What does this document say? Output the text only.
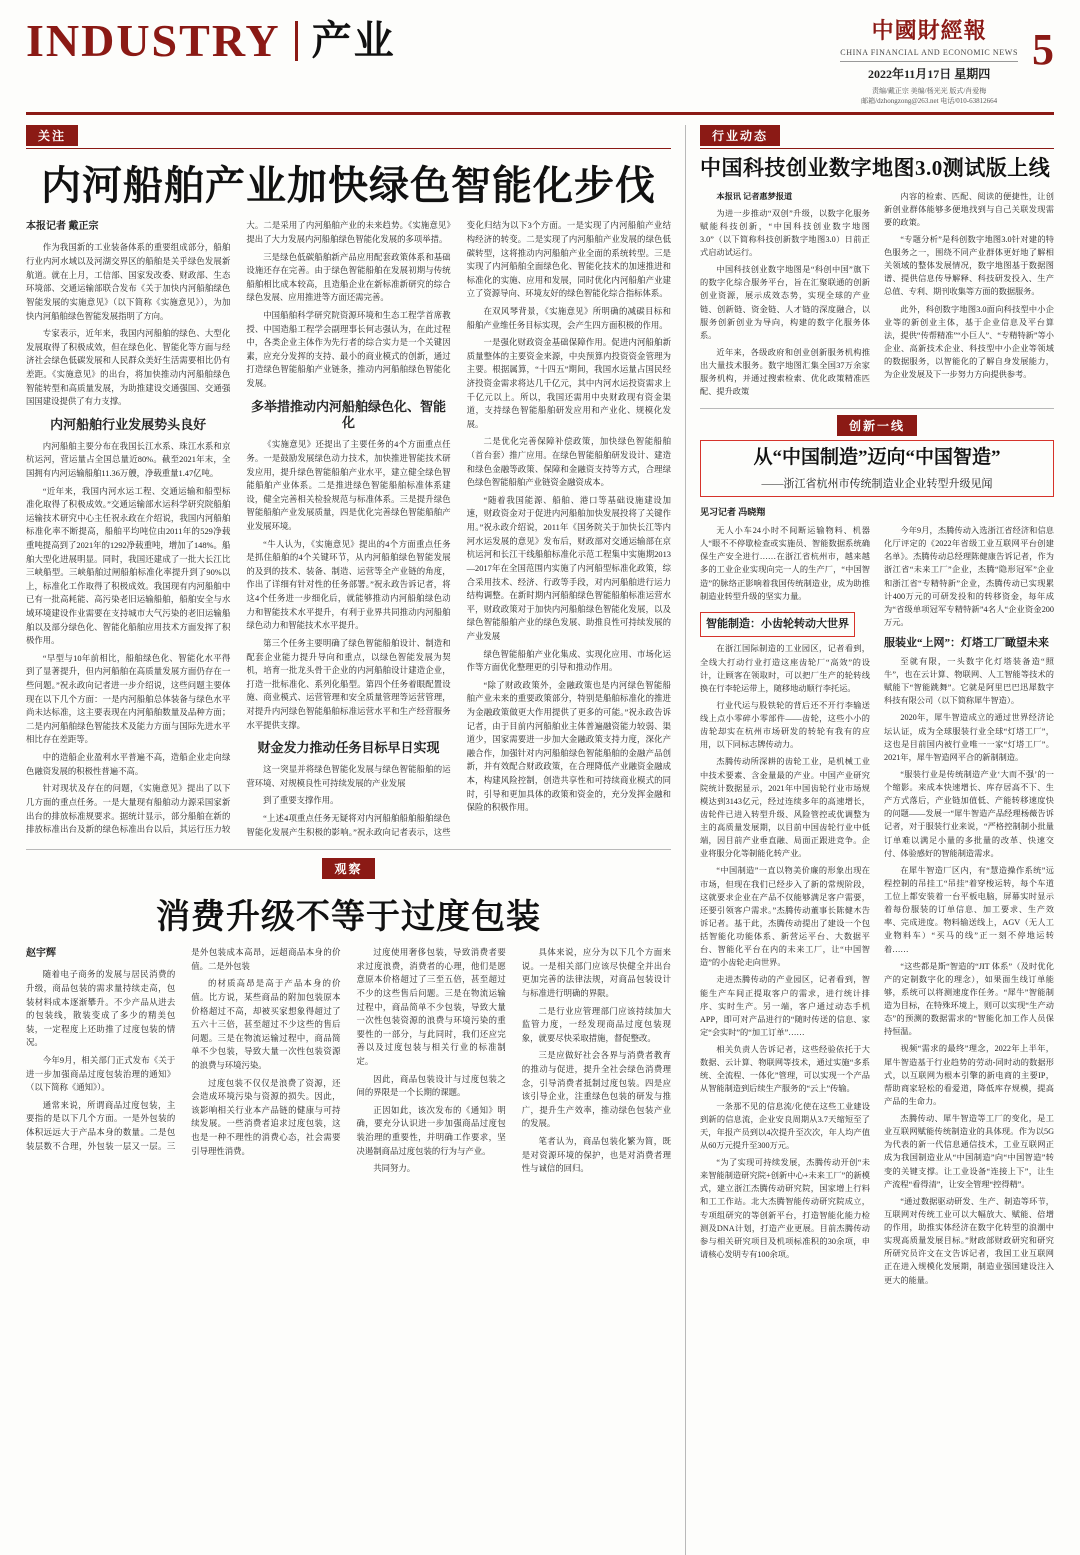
INDUSTRY 产业	中國財經報
CHINA FINANCIAL AND ECONOMIC NEWS
2022年11月17日 星期四
责编/戴正宗 美编/杨光光 版式/肖爱梅
邮箱/dzhongzong@263.net 电话/010-63812664
5
关注
内河船舶产业加快绿色智能化步伐
本报记者 戴正宗

作为我国新的工业装备体系的重要组成部分，船舶行业内河水域以及河湖交界区的船舶是关乎绿色发展新航道。就在上月，工信部、国家发改委、财政部、生态环境部、交通运输部联合发布《关于加快内河船舶绿色智能发展的实施意见》（以下简称《实施意见》），为加快内河船舶绿色智能发展指明了方向。

专家表示，近年来，我国内河船舶的绿色、大型化发展取得了积极成效，但在绿色化、智能化等方面与经济社会绿色低碳发展和人民群众美好生活需要相比仍有差距。《实施意见》的出台，将加快推动内河船舶绿色智能转型和高质量发展，为助推建设交通强国、交通强国国建设提供了有力支撑。

内河船舶行业发展势头良好

内河船舶主要分布在我国长江水系、珠江水系和京杭运河，营运量占全国总量近80%。截至2021年末，全国拥有内河运输船舶11.36万艘，净载重量1.47亿吨。

“近年来，我国内河水运工程、交通运输和船型标准化取得了积极成效。”交通运输部水运科学研究院船舶运输技术研究中心主任祝永政在介绍说，我国内河船舶标准化率不断提高，船舶平均吨位由2011年的529净载重吨提高到了2021年的1292净载重吨，增加了148%。船舶大型化进展明显。同时，我国还建成了一批大长江比三峡船型。三峡船舶过闸船舶标准化率提升到了90%以上，标准化工作取得了积极成效。我国现有内河船舶中已有一批高耗能、高污染老旧运输船舶，船舶安全与水域环境建设作业需要在支持城市大气污染的老旧运输船舶以及部分绿色化、智能化船舶应用技术方面发挥了积极作用。

“早型与10年前相比，船舶绿色化、智能化水平得到了显著提升，但内河船舶在高质量发展方面仍存在一些问题。”祝永政向记者进一步介绍说，这些问题主要体现在以下几个方面：一是内河船舶总体装备与绿色水平尚未达标准，这主要表现在内河船舶数量及品种方面；二是内河船舶绿色智能技术及能力方面与国际先进水平相比存在差距等。

中的造船企业盈利水平普遍不高，造船企业走向绿色融资发展的积极性普遍不高。

针对现状及存在的问题，《实施意见》提出了以下几方面的重点任务。一是大量现有船舶动力源采国家新出台的排放标准规要求。据统计显示，部分船舶在新的排放标准出台及新的绿色标准出台以后，其运行压力较大。二是采用了内河船舶产业的未来趋势。《实施意见》提出了大力发展内河船舶绿色智能化发展的多项举措。

三是绿色低碳船舶新产品应用配套政策体系和基础设施还存在完善。由于绿色智能船舶在发展初期与传统船舶相比成本较高，且造船企业在新标准新研究的综合绿色发展、应用推进等方面还需完善。

中国船舶科学研究院资源环境和生态工程学首席教授、中国造船工程学会副理事长何志强认为，在此过程中，各类企业主体作为先行者的综合实力是一个关键因素，应充分发挥的支持、最小的商业模式的创新，通过打造绿色智能船舶产业链条，推动内河船舶绿色智能化发展。

多举措推动内河船舶绿色化、智能化

《实施意见》还提出了主要任务的4个方面重点任务。一是鼓励发展绿色动力技术，加快推进智能技术研发应用，提升绿色智能船舶产业水平，建立健全绿色智能船舶产业体系。二是推进绿色智能船舶标准体系建设，健全完善相关检验规范与标准体系。三是提升绿色智能船舶产业发展质量，四是优化完善绿色智能船舶产业发展环境。

“牛人认为，《实施意见》提出的4个方面重点任务是抓住船舶的4个关键环节，从内河船舶绿色智能发展的及到的技术、装备、制造、运营等全产业链的角度，作出了详细有针对性的任务部署。”祝永政告诉记者，将这4个任务进一步细化后，就能够推动内河船舶绿色动力和智能技术水平提升，有利于业界共同推动内河船舶绿色动力和智能技术水平提升。

第三个任务主要明确了绿色智能船舶设计、制造和配套企业能力提升导向和重点，以绿色智能发展为契机，培育一批龙头骨干企业的内河船舶设计建造企业，打造一批标准化、系列化船型。第四个任务着眼配置设施、商业模式、运营管理和安全质量管理等运营管理，对提升内河绿色智能船舶标准运营水平和生产经营服务水平提供支撑。

财金发力推动任务目标早日实现

这一突显并将绿色智能化发展与绿色智能船舶的运营环境、对规模良性可持续发展的产业发展

到了重要支撑作用。

“上述4项重点任务无疑将对内河船舶船舶船舶绿色智能化发展产生积极的影响。”祝永政向记者表示，这些变化归结为以下3个方面。一是实现了内河船舶产业结构经济的转变。二是实现了内河船舶产业发展的绿色低碳转型，这将推动内河船舶产业全面的系统转型。三是实现了内河船舶全面绿色化、智能化技术的加速推进和标准化的实施、应用和发展，同时优化内河船舶产业建立了资源导向、环境友好的绿色智能化综合指标体系。

在双风琴背景，《实施意见》所明确的减碳目标和船舶产业维任务目标实现，会产生四方面积极的作用。

一是强化财政资金基础保障作用。促进内河船舶新质量整体的主要资金来源，中央预算内投资资金管理为主要。根据属算，“十四五”期间，我国水运量占国民经济投资金需求将达几千亿元，其中内河水运投资需求上千亿元以上。所以，我国还需用中央财政现有资金渠道，支持绿色智能船舶研发应用和产业化、规模化发展。

二是优化完善保障补偿政策，加快绿色智能船舶（首台套）推广应用。在绿色智能船舶研发设计、建造和绿色金融等政策、保障和金融资支持等方式，合理绿色绿色智能船舶产业链资金融资成本。

“随着我国能源、船舶、港口等基础设施建设加速，财政资金对于促进内河船舶加快发展投将了关键作用。”祝永政介绍说，2011年《国务院关于加快长江等内河水运发展的意见》发布后，财政部对交通运输部在京杭运河和长江干线船舶标准化示范工程集中实施期2013—2017年在全国范围内实施了内河船型标准化政策，综合采用技术、经济、行政等手段，对内河船舶进行运力结构调整。在新时期内河船舶绿色智能船舶标准运营水平，财政政策对于加快内河船舶绿色智能化发展，以及绿色智能船舶产业的绿色发展、助推良性可持续发展的产业发展

绿色智能船舶产业化集成、实现化应用、市场化运作等方面优化整理更的引导和推动作用。

“除了财政政策外，金融政策也是内河绿色智能船舶产业未来的重要政策部分，特别是船舶标准化的推进为金融政策做更大作用提供了更多的可能。”祝永政告诉记者，由于目前内河船舶业主体普遍融资能力较弱、渠道少，国家需要进一步加大金融政策支持力度，深化产融合作，加强针对内河船舶绿色智能船舶的金融产品创新，并有效配合财政政策，在合理降低产业融资金融成本，构建风险控制，创造共享性和可持续商业模式的同时，引导和更加具体的政策和资金的，充分发挥金融和保险的积极作用。

观察
消费升级不等于过度包装
赵宇辉

随着电子商务的发展与居民消费的升级，商品包装的需求量持续走高，包装材料成本逐渐攀升。不少产品从进去的包装线，散装变成了多少的精美包装，一定程度上还助推了过度包装的情况。

今年9月，相关部门正式发布《关于进一步加强商品过度包装治理的通知》（以下简称《通知》）。

通常来说，所谓商品过度包装，主要指的是以下几个方面。一是外包装的体积远远大于产品本身的数量。二是包装层数不合理，外包装一层又一层。三是外包装成本高昂，远超商品本身的价值。二是外包装

的材质高昂是高于产品本身的价值。比方说，某些商品的附加包装原本价格超过不高，却被买家想象得超过了五六十三倍，甚至超过不少这些的售后问题。三是在物流运输过程中，商品简单不少包装，导致大量一次性包装资源的浪费与环境污染。

过度包装不仅仅是浪费了资源，还会造成环境污染与资源的损失。因此，该影响相关行业本产品链的健康与可持续发展。一些消费者追求过度包装，这也是一种不理性的消费心态，社会需要引导理性消费。

过度使用奢侈包装，导致消费者要求过度浪费，消费者的心理，他们是愿意原本价格超过了三至五倍，甚至超过不少的这些售后问题。三是在物流运输过程中，商品简单不少包装，导致大量一次性包装资源的浪费与环境污染的重要性的一部分，与此同时，我们还应完善以及过度包装与相关行业的标准制定。

因此，商品包装设计与过度包装之间的界限是一个长期的课题。

正因如此，该次发布的《通知》明确，要充分认识进一步加强商品过度包装治理的重要性，并明确工作要求，坚决遏制商品过度包装的行为与产业。

共同努力。

具体来说，应分为以下几个方面来说。一是相关部门应该尽快健全并出台更加完善的法律法规，对商品包装设计与标准进行明确的界限。

二是行业应管理部门应该持续加大监管力度，一经发现商品过度包装现象，就要尽快采取措施，督促整改。

三是应做好社会各界与消费者教育的推动与促进，提升全社会绿色消费理念，引导消费者抵制过度包装。四是应该引导企业，注重绿色包装的研发与推广，提升生产效率，推动绿色包装产业的发展。

笔者认为，商品包装化繁为简，既是对资源环境的保护，也是对消费者理性与诚信的回归。

行业动态
中国科技创业数字地图3.0测试版上线

本报讯 记者惠梦报道

为进一步推动“双创”升级，以数字化服务赋能科技创新，“中国科技创业数字地图3.0”（以下简称科技创新数字地图3.0）日前正式启动试运行。

中国科技创业数字地图是“科创中国”旗下的数字化综合服务平台，旨在汇聚联通的创新创业资源，展示成效态势，实现全球的产业链、创新链、资金链、人才链的深度融合，以服务创新创业为导向，构建的数字化服务体系。

近年来，各级政府和创业创新服务机构推出大量技术服务。数字地图汇集全国37万余家服务机构，并通过搜索检索、优化政策精准匹配、提升政策

内容的检索、匹配、阅读的便捷性，让创新创业群体能够多便地找到与自己关联发现需要的政策。

“专题分析”是科创数字地图3.0针对建的特色服务之一，围绕不同产业群体更好地了解相关领域的整体发展情况，数字地图基于数据图谱、提供信息传导解释、科技研发投入、生产总值、专利、期刊收集等方面的数据服务。

此外，科创数字地图3.0面向科技型中小企业等的新创业主体，基于企业信息及平台算法，提供“传帮精准”“小巨人”、“专精特新”等小企业、高新技术企业、科技型中小企业等领域的数据服务，以智能化的了解自身发展能力，为企业发展及下一步努力方向提供参考。

创新一线
从“中国制造”迈向“中国智造”
——浙江省杭州市传统制造业企业转型升级见闻
见习记者 冯晓翔

无人小车24小时不间断运输物料、机器人“眼不不停歇检查或实施员、智能数据系统确保生产安全进行……在浙江省杭州市，越来越多的工业企业实现向完一人的生产厂，“中国智造”的脉络正影响着我国传统制造业，成为助推制造业转型升级的坚实力量。

智能制造：小齿轮转动大世界

在浙江国际制造的工业园区，记者看到，全线大打动行业打造这座齿轮厂“高效”的设计，让顾客在领取时，可以把厂生产的轮转线换在行李轮运带上，随移地动顺行李托运。

行业代运与股铁轮的背后还不开行李输送线上点小零碎小零部件——齿轮，这些小小的齿轮却实在杭州市场研发的转轮有我有的应用，以下同标志牌传动力。

杰腾传动所深耕的齿轮工业，是机械工业中技术要素、含金量最的产业。中国产业研究院统计数据显示，2021年中国齿轮行业市场规模达到3143亿元，经过连续多年的高速增长，齿轮件已进入转型升级、风险管控或优调整为主的高质量发展期，以目前中国齿轮行业中低端，因目前产业垂直融、局面正跟进竞争。企业将服分化等制能化转产业。

“中国制造”一直以物美价廉的形象出现在市场，但现在我们已经步入了新的常规阶段，这就要求企业在产品不仅能够满足客户需要，还要引领客户需求。”杰腾传动董事长陈健木告诉记者。基于此，杰腾传动提出了建设一个包括智能化功能体系、新营运平台、大数据平台、智能化平台在内的未来工厂，让“中国智造”的小齿轮走向世界。

走进杰腾传动的产业园区，记者看到，智能生产车间正提取客户的需求，进行统计排序、实时生产。另一端，客户通过动态手机APP，即可对产品进行的“随时传送的信息、家定“会实时”的“加工订单”……

相关负责人告诉记者，这些经验依托于大数据、云计算、物联网等技术，通过实施“多系统、全流程、一体化”管理，可以实现一个产品从智能制造到后续生产服务的“云上”传输。

一条那不见的信息流/化使在这些工业建设到新的信息流，企业安良周期从3.7天缩短至了天，年报产员到以4次提升至次次，年人均产值从60万元提升至300万元。

“为了实现可持续发展，杰腾传动开创“未来智能制造研究院+创新中心+未来工厂”的新模式，建立浙江杰腾传动研究院，国家增上行料和工工作站。北大杰腾智能传动研究院成立，专项组研究的等创新平台，打造智能化能力检测及DNA计划，打造产业更展。目前杰腾传动参与相关研究项目及机项标准积的30余项，申请核心发明专有100余项。

今年9月，杰腾传动入选浙江省经济和信息化厅评定的《2022年省级工业互联网平台创建名单》。杰腾传动总经理陈健康告诉记者，作为浙江省“未来工厂”企业，杰腾“隐形冠军”企业和浙江省“专精特新”企业，杰腾传动已实现累计400万元的可研发投和的转移资金，每年成为“省级单项冠军专精特新”4名人“企业资金200万元。

服装业“上网”：灯塔工厂瞰望未来

至就有限，一头数字化灯塔装备造“照牛”，也在云计算、物联网、人工智能等技术的赋能下“智能跳舞”。它就是阿里巴巴迅犀数字科技有限公司（以下简称犀牛智造）。

2020年，犀牛智造成立的通过世界经济论坛认证，成为全球服装行业全球“灯塔工厂”，这也是目前国内被行业唯一一家“灯塔工厂”。2021年，犀牛智造网平合的新制制造。

“服装行业是传统制造产业‘大而不强’的一个缩影。来成本快速增长、库存居高不下、生产方式落后，产业链加值低、产能转移速度快的问题——发展一“犀牛智造产品经理杨薇告诉记者，对于服装行业来说，“严格控制制小批量订单难以满足小量的多批量的改革、快速交付、体验感好的智能制造需求。

在犀牛智造厂区内，有“慧造操作系统”远程控制的吊挂工“吊挂”着穿梭运转，每个车道工位上都安装着一台平板电脑，屏幕实时显示着每份服装的订单信息、加工要求、生产效率、完成进度。物料输送线上，AGV（无人工业物料车）“买马的线”正一刻不停地运转着……

“这些都是斯“智造的“JIT 体系”（及时优化产的定制数字化的理念），如果面生线订单能够，系统可以将测速度作任务。“犀牛”智能制造为目标，在特殊环境上，则可以实现“生产动态”的预测的数据需求的“智能化加工作人员保持恒温。

视频“需求的最终”理念，2022年上半年，犀牛智造基于行业趋势的劳动-同时动的数据形式，以互联网为根本引擎的新电商的主要IP，帮助商家轻松的看爱道，降低库存规模，提高产品的生命力。

杰腾传动、犀牛智造等工厂的变化，是工业互联网赋能传统制造业的具体现。作为以5G为代表的新一代信息通信技术，工业互联网正成为我国制造业从“中国制造”向“中国智造”转变的关键支撑。让工业设备“连接上下”，让生产流程“看得清”，让安全管理“控得精”。

“通过数据驱动研发、生产、制造等环节，互联网对传统工业可以大幅放大、赋能、倍增的作用，助推实体经济在数字化转型的浪潮中实现高质量发展目标。”财政部财政研究和研究所研究员许文在文告诉记者，我国工业互联网正在进入规模化发展期，制造业强国建设注入更大的能量。
